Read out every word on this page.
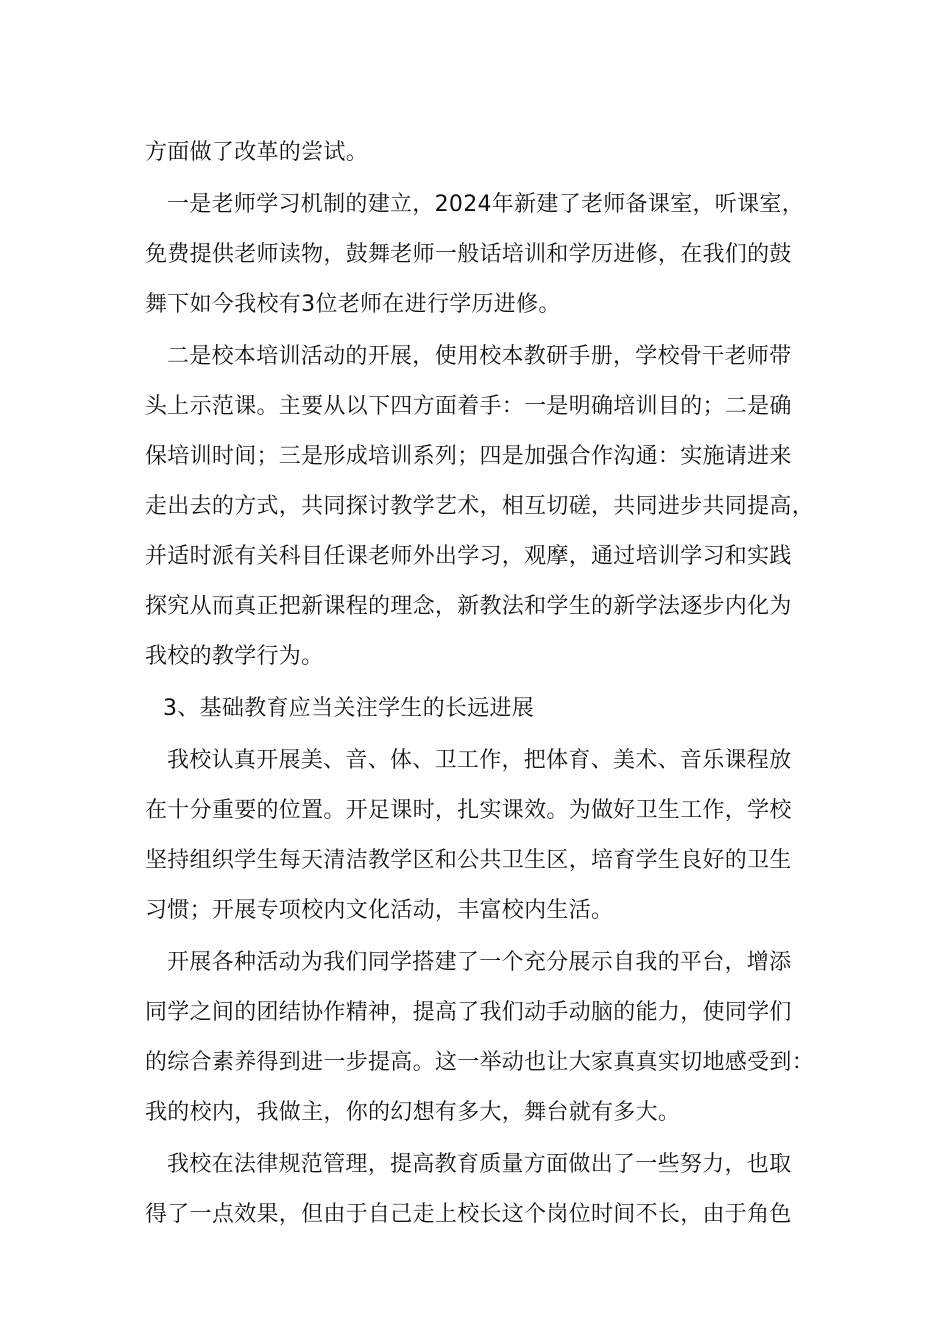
方面做了改革的尝试。
一是老师学习机制的建立，2024年新建了老师备课室，听课室，
免费提供老师读物，鼓舞老师一般话培训和学历进修，在我们的鼓
舞下如今我校有3位老师在进行学历进修。
二是校本培训活动的开展，使用校本教研手册，学校骨干老师带
头上示范课。主要从以下四方面着手：一是明确培训目的；二是确
保培训时间；三是形成培训系列；四是加强合作沟通：实施请进来
走出去的方式，共同探讨教学艺术，相互切磋，共同进步共同提高，
并适时派有关科目任课老师外出学习，观摩，通过培训学习和实践
探究从而真正把新课程的理念，新教法和学生的新学法逐步内化为
我校的教学行为。
3、基础教育应当关注学生的长远进展
我校认真开展美、音、体、卫工作，把体育、美术、音乐课程放
在十分重要的位置。开足课时，扎实课效。为做好卫生工作，学校
坚持组织学生每天清洁教学区和公共卫生区，培育学生良好的卫生
习惯；开展专项校内文化活动，丰富校内生活。
开展各种活动为我们同学搭建了一个充分展示自我的平台，增添
同学之间的团结协作精神，提高了我们动手动脑的能力，使同学们
的综合素养得到进一步提高。这一举动也让大家真真实切地感受到：
我的校内，我做主，你的幻想有多大，舞台就有多大。
我校在法律规范管理，提高教育质量方面做出了一些努力，也取
得了一点效果，但由于自己走上校长这个岗位时间不长，由于角色
